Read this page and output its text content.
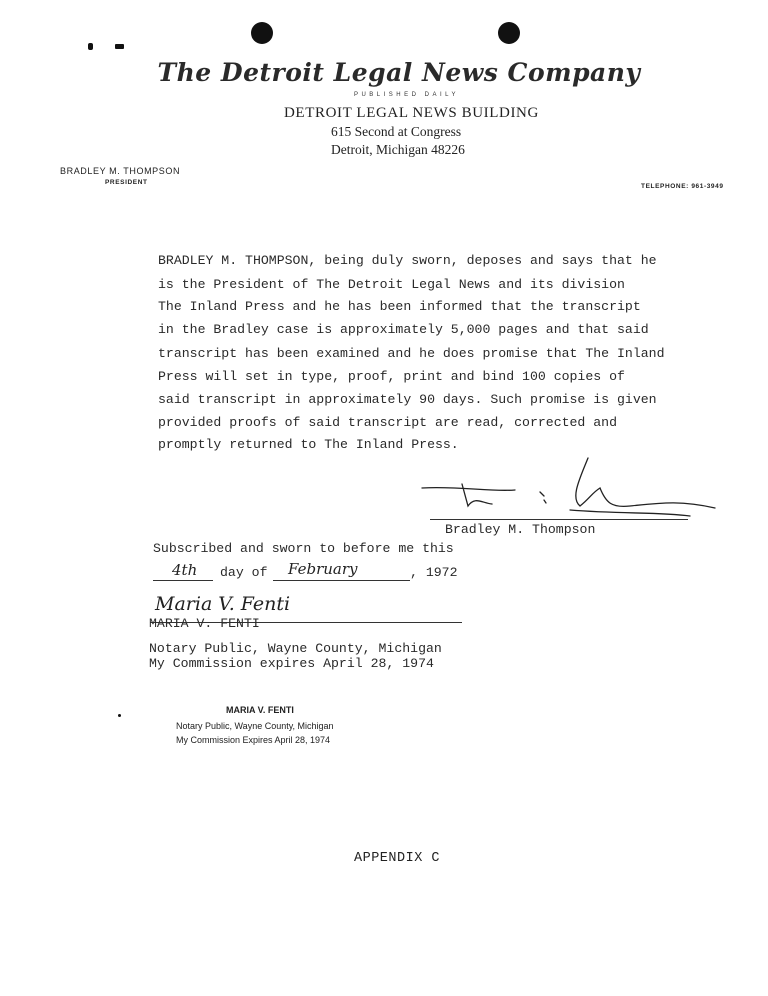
The Detroit Legal News Company
PUBLISHED DAILY
DETROIT LEGAL NEWS BUILDING
615 Second at Congress
Detroit, Michigan 48226
BRADLEY M. THOMPSON
PRESIDENT
TELEPHONE: 961-3949
BRADLEY M. THOMPSON, being duly sworn, deposes and says that he
is the President of The Detroit Legal News and its division
The Inland Press and he has been informed that the transcript
in the Bradley case is approximately 5,000 pages and that said
transcript has been examined and he does promise that The Inland
Press will set in type, proof, print and bind 100 copies of
said transcript in approximately 90 days. Such promise is given
provided proofs of said transcript are read, corrected and
promptly returned to The Inland Press.
Bradley M. Thompson
Subscribed and sworn to before me this
4th day of February	, 1972
Maria V. Fenti
MARIA V. FENTI
Notary Public, Wayne County, Michigan
My Commission expires April 28, 1974
MARIA V. FENTI
Notary Public, Wayne County, Michigan
My Commission Expires April 28, 1974
APPENDIX C
